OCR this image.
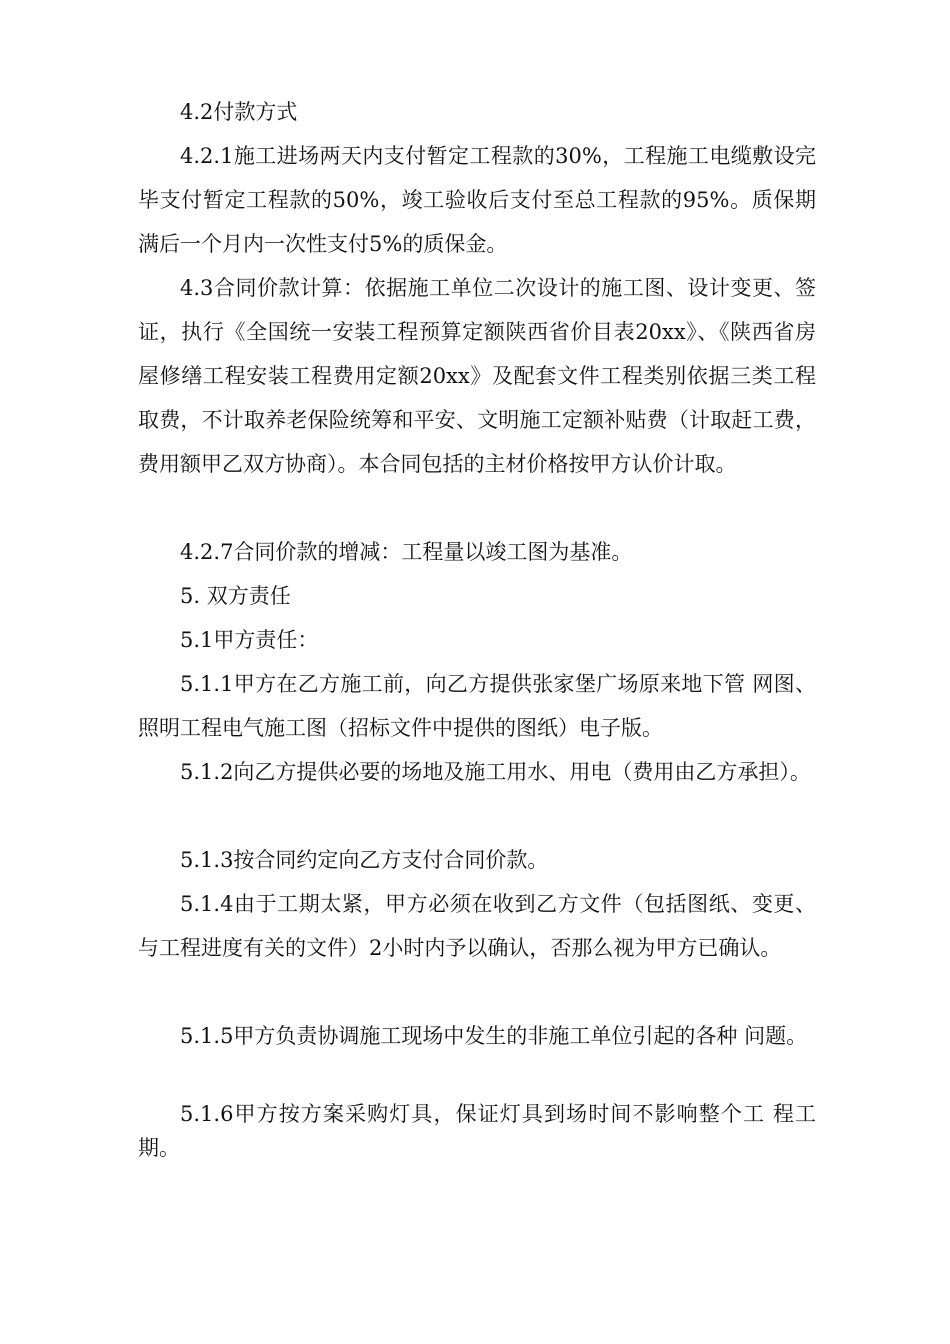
4.2付款方式

4.2.1施工进场两天内支付暂定工程款的30%，工程施工电缆敷设完毕支付暂定工程款的50%，竣工验收后支付至总工程款的95%。质保期满后一个月内一次性支付5%的质保金。

4.3合同价款计算：依据施工单位二次设计的施工图、设计变更、签证，执行《全国统一安装工程预算定额陕西省价目表20xx》、《陕西省房屋修缮工程安装工程费用定额20xx》及配套文件工程类别依据三类工程取费，不计取养老保险统筹和平安、文明施工定额补贴费（计取赶工费，费用额甲乙双方协商）。本合同包括的主材价格按甲方认价计取。

4.2.7合同价款的增减：工程量以竣工图为基准。

5. 双方责任

5.1甲方责任：

5.1.1甲方在乙方施工前，向乙方提供张家堡广场原来地下管 网图、照明工程电气施工图（招标文件中提供的图纸）电子版。

5.1.2向乙方提供必要的场地及施工用水、用电（费用由乙方承担）。

5.1.3按合同约定向乙方支付合同价款。

5.1.4由于工期太紧，甲方必须在收到乙方文件（包括图纸、变更、与工程进度有关的文件）2小时内予以确认，否那么视为甲方已确认。

5.1.5甲方负责协调施工现场中发生的非施工单位引起的各种 问题。

5.1.6甲方按方案采购灯具，保证灯具到场时间不影响整个工 程工期。
